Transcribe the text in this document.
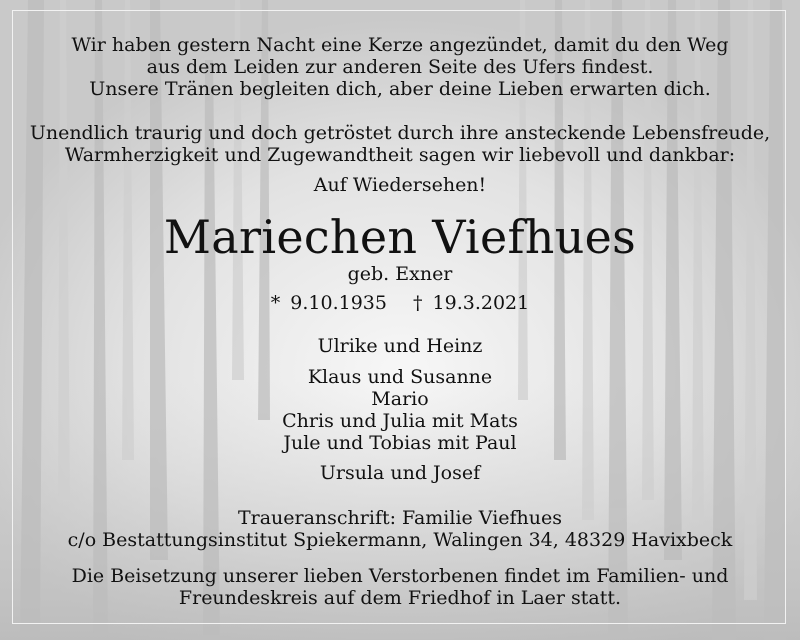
Wir haben gestern Nacht eine Kerze angezündet, damit du den Weg
aus dem Leiden zur anderen Seite des Ufers findest.
Unsere Tränen begleiten dich, aber deine Lieben erwarten dich.
Unendlich traurig und doch getröstet durch ihre ansteckende Lebensfreude,
Warmherzigkeit und Zugewandtheit sagen wir liebevoll und dankbar:
Auf Wiedersehen!
Mariechen Viefhues
geb. Exner
* 9.10.1935 † 19.3.2021
Ulrike und Heinz
Klaus und Susanne
Mario
Chris und Julia mit Mats
Jule und Tobias mit Paul
Ursula und Josef
Traueranschrift: Familie Viefhues
c/o Bestattungsinstitut Spiekermann, Walingen 34, 48329 Havixbeck
Die Beisetzung unserer lieben Verstorbenen findet im Familien- und
Freundeskreis auf dem Friedhof in Laer statt.
